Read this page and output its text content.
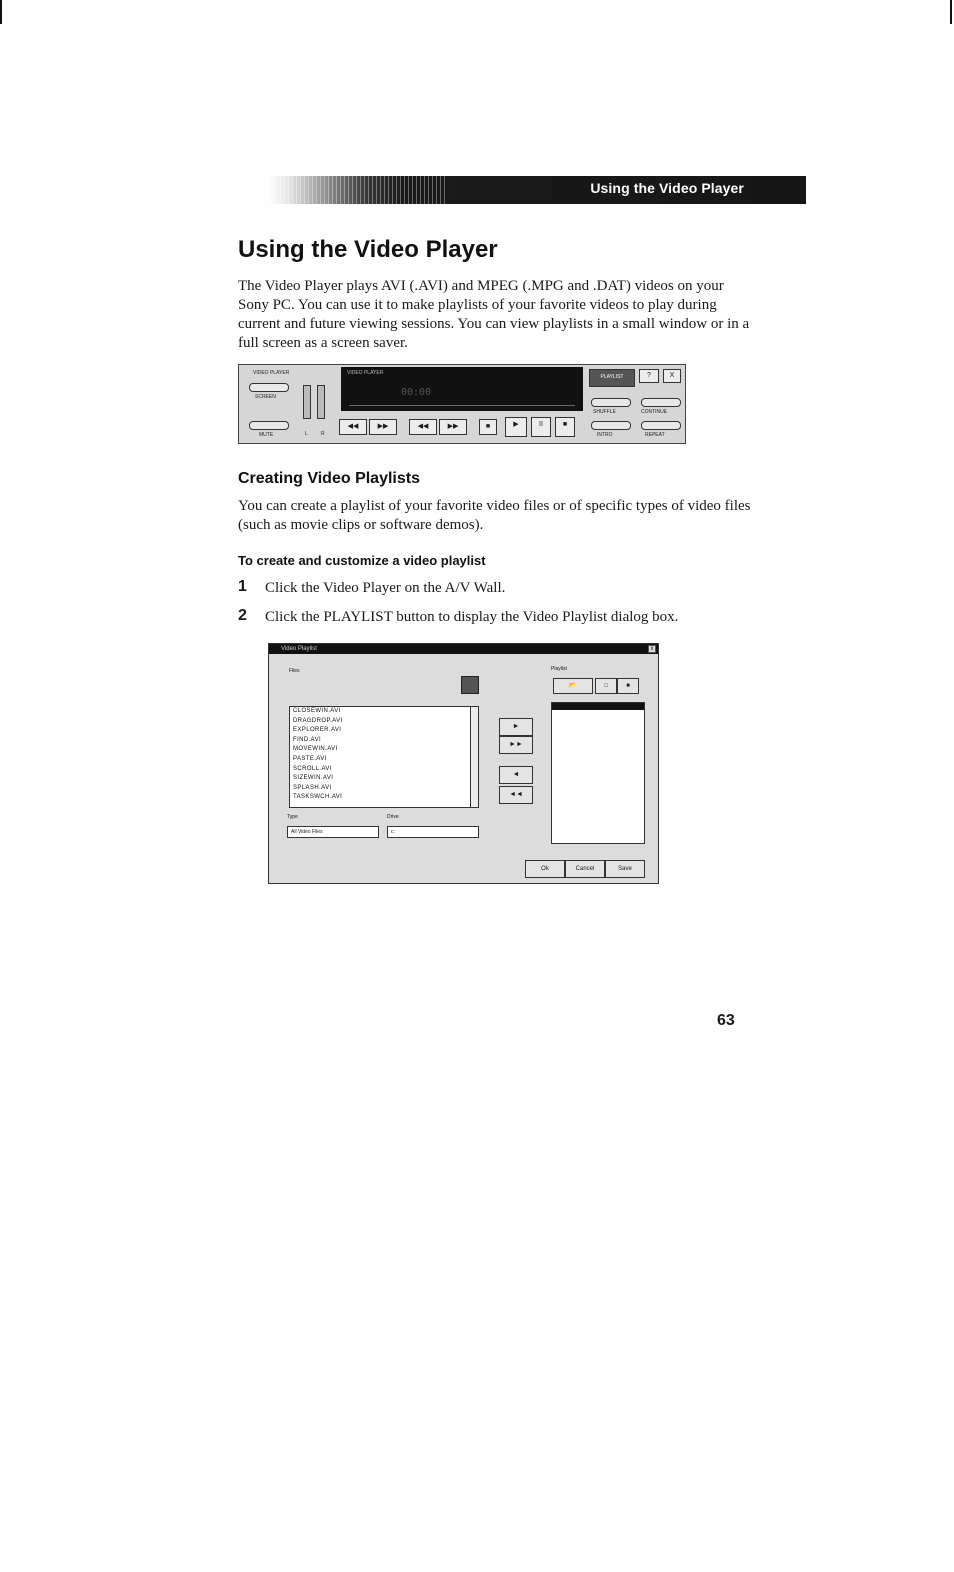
Using the Video Player
Using the Video Player

The Video Player plays AVI (.AVI) and MPEG (.MPG and .DAT) videos on your Sony PC. You can use it to make playlists of your favorite videos to play during current and future viewing sessions. You can view playlists in a small window or in a full screen as a screen saver.

VIDEO PLAYER
SCREEN
MUTE	L	R
VIDEO PLAYER
00:00
◀◀	▶▶	◀◀	▶▶	■	▶	II	■
PLAYLIST	?	X
SHUFFLE	CONTINUE
INTRO	REPEAT
Creating Video Playlists

You can create a playlist of your favorite video files or of specific types of video files (such as movie clips or software demos).

To create and customize a video playlist
1 Click the Video Player on the A/V Wall.
2 Click the PLAYLIST button to display the Video Playlist dialog box.
Video Playlist	x
Files
CLOSEWIN.AVI
DRAGDROP.AVI
EXPLORER.AVI
FIND.AVI
MOVEWIN.AVI
PASTE.AVI
SCROLL.AVI
SIZEWIN.AVI
SPLASH.AVI
TASKSWCH.AVI
Type
All Video Files
Drive
c:
►
►►
◄
◄◄
Playlist
📂	□	■
Ok	Cancel	Save
63
